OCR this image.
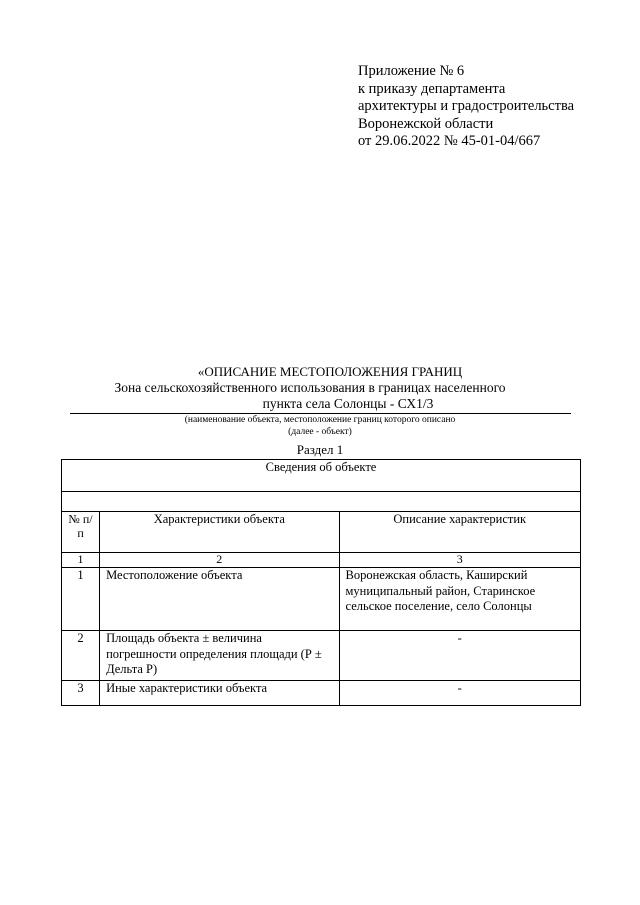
Приложение № 6
к приказу департамента
архитектуры и градостроительства
Воронежской области
от 29.06.2022 № 45-01-04/667
«ОПИСАНИЕ МЕСТОПОЛОЖЕНИЯ ГРАНИЦ
Зона сельскохозяйственного использования в границах населенного
пункта села Солонцы - СХ1/3
(наименование объекта, местоположение границ которого описано
(далее - объект)
Раздел 1
Сведения об объекте		

№ п/п	Характеристики объекта	Описание характеристик
1	2	3
1	Местоположение объекта	Воронежская область, Каширский муниципальный район, Старинское сельское поселение, село Солонцы
2	Площадь объекта ± величина погрешности определения площади (Р ± Дельта Р)	-
3	Иные характеристики объекта	-
